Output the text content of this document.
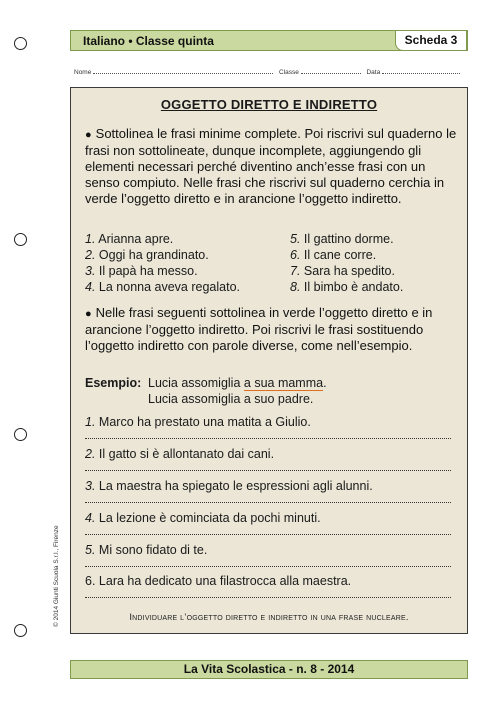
Italiano • Classe quinta	Scheda 3
Nome	Classe	Data
OGGETTO DIRETTO E INDIRETTO
● Sottolinea le frasi minime complete. Poi riscrivi sul quaderno le frasi non sottolineate, dunque incomplete, aggiungendo gli elementi necessari perché diventino anch’esse frasi con un senso compiuto. Nelle frasi che riscrivi sul quaderno cerchia in verde l’oggetto diretto e in arancione l’oggetto indiretto.
1. Arianna apre.
2. Oggi ha grandinato.
3. Il papà ha messo.
4. La nonna aveva regalato.
5. Il gattino dorme.
6. Il cane corre.
7. Sara ha spedito.
8. Il bimbo è andato.
● Nelle frasi seguenti sottolinea in verde l’oggetto diretto e in arancione l’oggetto indiretto. Poi riscrivi le frasi sostituendo l’oggetto indiretto con parole diverse, come nell’esempio.
Esempio: Lucia assomiglia a sua mamma.
Lucia assomiglia a suo padre.
1. Marco ha prestato una matita a Giulio.
2. Il gatto si è allontanato dai cani.
3. La maestra ha spiegato le espressioni agli alunni.
4. La lezione è cominciata da pochi minuti.
5. Mi sono fidato di te.
6. Lara ha dedicato una filastrocca alla maestra.
Individuare l’oggetto diretto e indiretto in una frase nucleare.
© 2014 Giunti Scuola S.r.l., Firenze
La Vita Scolastica - n. 8 - 2014
